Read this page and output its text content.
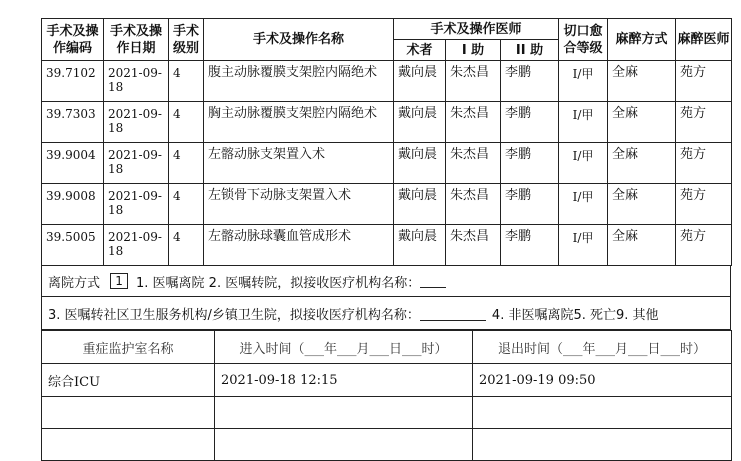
手术及操作编码	手术及操作日期	手术级别	手术及操作名称	手术及操作医师			切口愈合等级	麻醉方式	麻醉医师
				术者	I 助	II 助			
39.7102	2021-09-18	4	腹主动脉覆膜支架腔内隔绝术	戴向晨	朱杰昌	李鹏	I/甲	全麻	苑方
39.7303	2021-09-18	4	胸主动脉覆膜支架腔内隔绝术	戴向晨	朱杰昌	李鹏	I/甲	全麻	苑方
39.9004	2021-09-18	4	左髂动脉支架置入术	戴向晨	朱杰昌	李鹏	I/甲	全麻	苑方
39.9008	2021-09-18	4	左锁骨下动脉支架置入术	戴向晨	朱杰昌	李鹏	I/甲	全麻	苑方
39.5005	2021-09-18	4	左髂动脉球囊血管成形术	戴向晨	朱杰昌	李鹏	I/甲	全麻	苑方
离院方式	1	1. 医嘱离院 2. 医嘱转院，拟接收医疗机构名称：
3. 医嘱转社区卫生服务机构/乡镇卫生院，拟接收医疗机构名称：	4. 非医嘱离院5. 死亡9. 其他
重症监护室名称	进入时间（___年___月___日___时）	退出时间（___年___月___日___时）
综合ICU	2021-09-18 12:15	2021-09-19 09:50
